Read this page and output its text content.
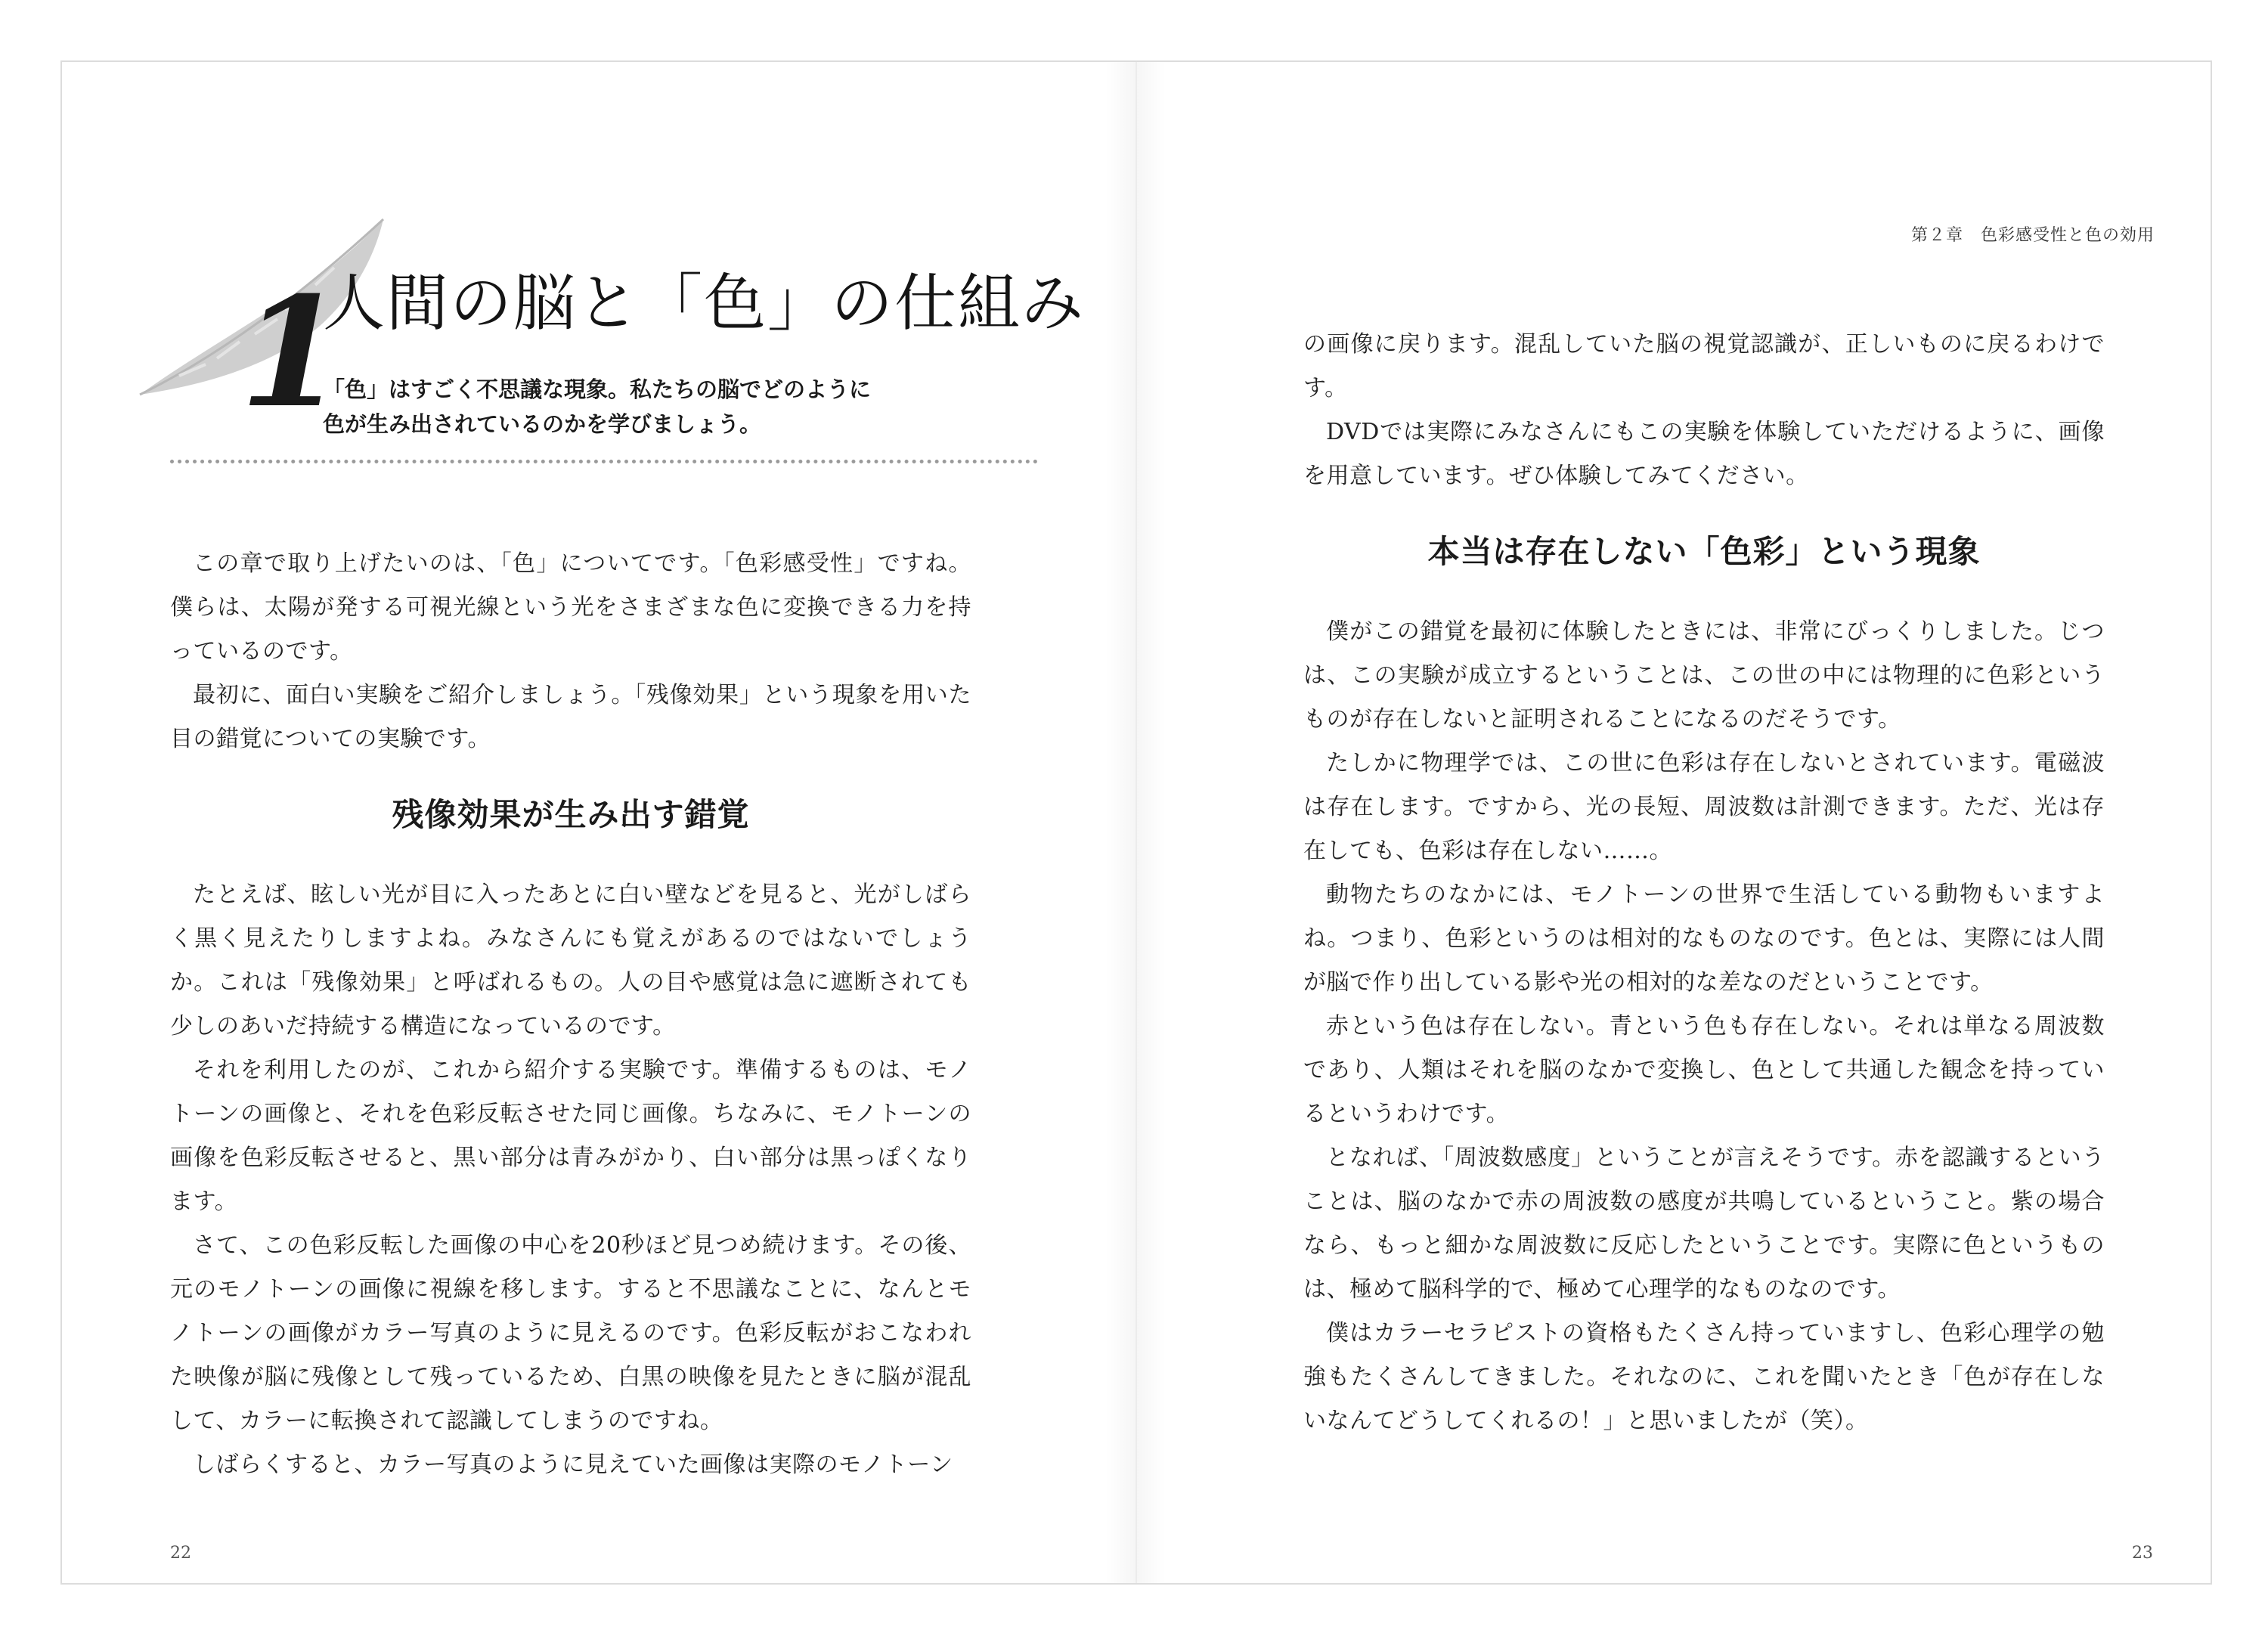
1
人間の脳と「色」の仕組み
「色」はすごく不思議な現象。私たちの脳でどのように
色が生み出されているのかを学びましょう。

この章で取り上げたいのは、「色」についてです。「色彩感受性」ですね。僕らは、太陽が発する可視光線という光をさまざまな色に変換できる力を持っているのです。

最初に、面白い実験をご紹介しましょう。「残像効果」という現象を用いた目の錯覚についての実験です。

残像効果が生み出す錯覚

たとえば、眩しい光が目に入ったあとに白い壁などを見ると、光がしばらく黒く見えたりしますよね。みなさんにも覚えがあるのではないでしょうか。これは「残像効果」と呼ばれるもの。人の目や感覚は急に遮断されても少しのあいだ持続する構造になっているのです。

それを利用したのが、これから紹介する実験です。準備するものは、モノトーンの画像と、それを色彩反転させた同じ画像。ちなみに、モノトーンの画像を色彩反転させると、黒い部分は青みがかり、白い部分は黒っぽくなります。

さて、この色彩反転した画像の中心を20秒ほど見つめ続けます。その後、元のモノトーンの画像に視線を移します。すると不思議なことに、なんとモノトーンの画像がカラー写真のように見えるのです。色彩反転がおこなわれた映像が脳に残像として残っているため、白黒の映像を見たときに脳が混乱して、カラーに転換されて認識してしまうのですね。

しばらくすると、カラー写真のように見えていた画像は実際のモノトーン

22
第２章　色彩感受性と色の効用

の画像に戻ります。混乱していた脳の視覚認識が、正しいものに戻るわけです。

DVDでは実際にみなさんにもこの実験を体験していただけるように、画像を用意しています。ぜひ体験してみてください。

本当は存在しない「色彩」という現象

僕がこの錯覚を最初に体験したときには、非常にびっくりしました。じつは、この実験が成立するということは、この世の中には物理的に色彩というものが存在しないと証明されることになるのだそうです。

たしかに物理学では、この世に色彩は存在しないとされています。電磁波は存在します。ですから、光の長短、周波数は計測できます。ただ、光は存在しても、色彩は存在しない……。

動物たちのなかには、モノトーンの世界で生活している動物もいますよね。つまり、色彩というのは相対的なものなのです。色とは、実際には人間が脳で作り出している影や光の相対的な差なのだということです。

赤という色は存在しない。青という色も存在しない。それは単なる周波数であり、人類はそれを脳のなかで変換し、色として共通した観念を持っているというわけです。

となれば、「周波数感度」ということが言えそうです。赤を認識するということは、脳のなかで赤の周波数の感度が共鳴しているということ。紫の場合なら、もっと細かな周波数に反応したということです。実際に色というものは、極めて脳科学的で、極めて心理学的なものなのです。

僕はカラーセラピストの資格もたくさん持っていますし、色彩心理学の勉強もたくさんしてきました。それなのに、これを聞いたとき「色が存在しないなんてどうしてくれるの！」と思いましたが（笑）。

23
